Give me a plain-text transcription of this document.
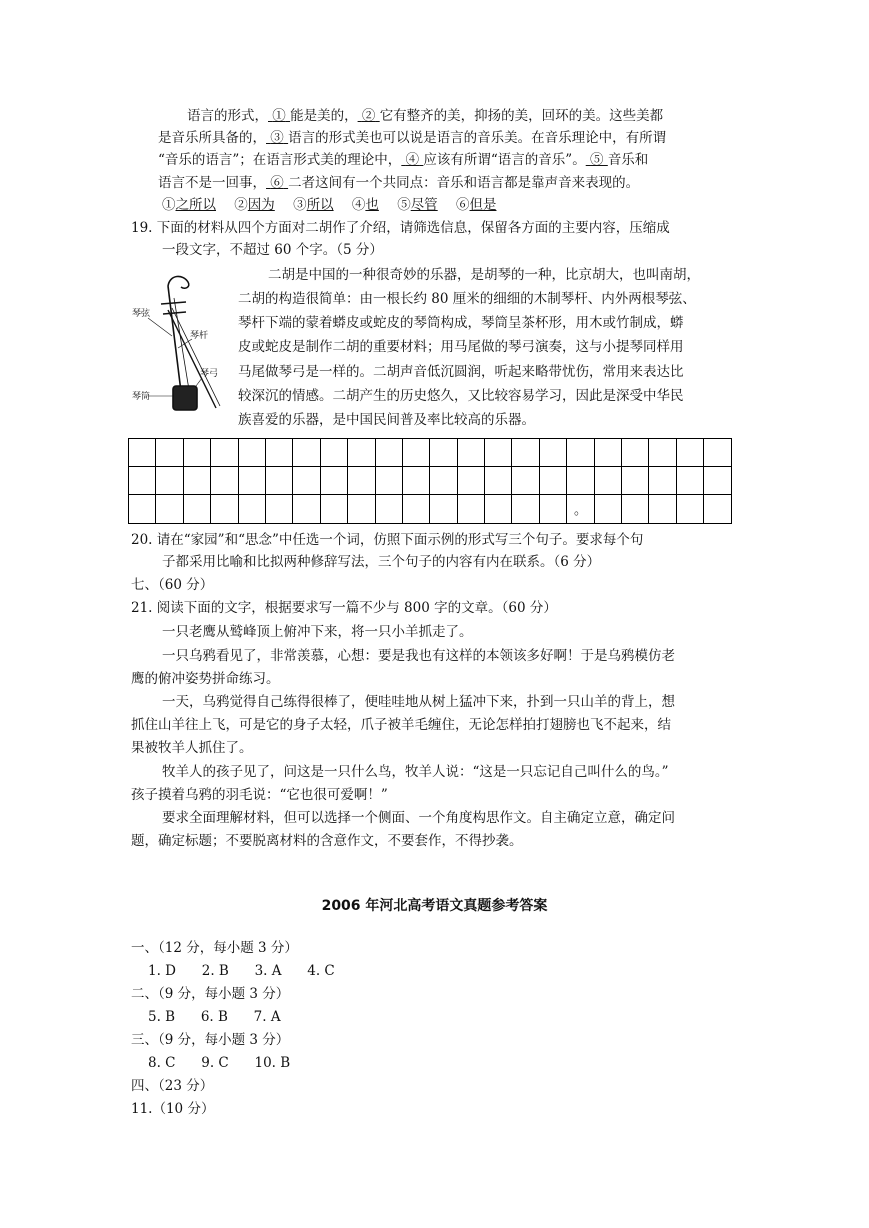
语言的形式， ① 能是美的， ② 它有整齐的美，抑扬的美，回环的美。这些美都
是音乐所具备的， ③ 语言的形式美也可以说是语言的音乐美。在音乐理论中，有所谓
“音乐的语言”；在语言形式美的理论中， ④ 应该有所谓“语言的音乐”。 ⑤ 音乐和
语言不是一回事， ⑥ 二者这间有一个共同点：音乐和语言都是靠声音来表现的。
①之所以 ②因为 ③所以 ④也 ⑤尽管 ⑥但是
19. 下面的材料从四个方面对二胡作了介绍，请筛选信息，保留各方面的主要内容，压缩成
一段文字，不超过 60 个字。（5 分）
琴弦
琴杆
琴弓
琴筒
二胡是中国的一种很奇妙的乐器，是胡琴的一种，比京胡大，也叫南胡，
二胡的构造很简单：由一根长约 80 厘米的细细的木制琴杆、内外两根琴弦、
琴杆下端的蒙着蟒皮或蛇皮的琴筒构成，琴筒呈茶杯形，用木或竹制成，蟒
皮或蛇皮是制作二胡的重要材料；用马尾做的琴弓演奏，这与小提琴同样用
马尾做琴弓是一样的。二胡声音低沉圆润，听起来略带忧伤，常用来表达比
较深沉的情感。二胡产生的历史悠久，又比较容易学习，因此是深受中华民
族喜爱的乐器，是中国民间普及率比较高的乐器。

																。					
20. 请在“家园”和“思念”中任选一个词，仿照下面示例的形式写三个句子。要求每个句
子都采用比喻和比拟两种修辞写法，三个句子的内容有内在联系。（6 分）
七、（60 分）
21. 阅读下面的文字，根据要求写一篇不少与 800 字的文章。（60 分）
一只老鹰从鹫峰顶上俯冲下来，将一只小羊抓走了。
一只乌鸦看见了，非常羡慕，心想：要是我也有这样的本领该多好啊！于是乌鸦模仿老
鹰的俯冲姿势拼命练习。
一天，乌鸦觉得自己练得很棒了，便哇哇地从树上猛冲下来，扑到一只山羊的背上，想
抓住山羊往上飞，可是它的身子太轻，爪子被羊毛缠住，无论怎样拍打翅膀也飞不起来，结
果被牧羊人抓住了。
牧羊人的孩子见了，问这是一只什么鸟，牧羊人说：“这是一只忘记自己叫什么的鸟。”
孩子摸着乌鸦的羽毛说：“它也很可爱啊！”
要求全面理解材料，但可以选择一个侧面、一个角度构思作文。自主确定立意，确定问
题，确定标题；不要脱离材料的含意作文，不要套作，不得抄袭。
2006 年河北高考语文真题参考答案
一、（12 分，每小题 3 分）
1. D      2. B      3. A      4. C
二、（9 分，每小题 3 分）
5. B      6. B      7. A
三、（9 分，每小题 3 分）
8. C      9. C      10. B
四、（23 分）
11.（10 分）
